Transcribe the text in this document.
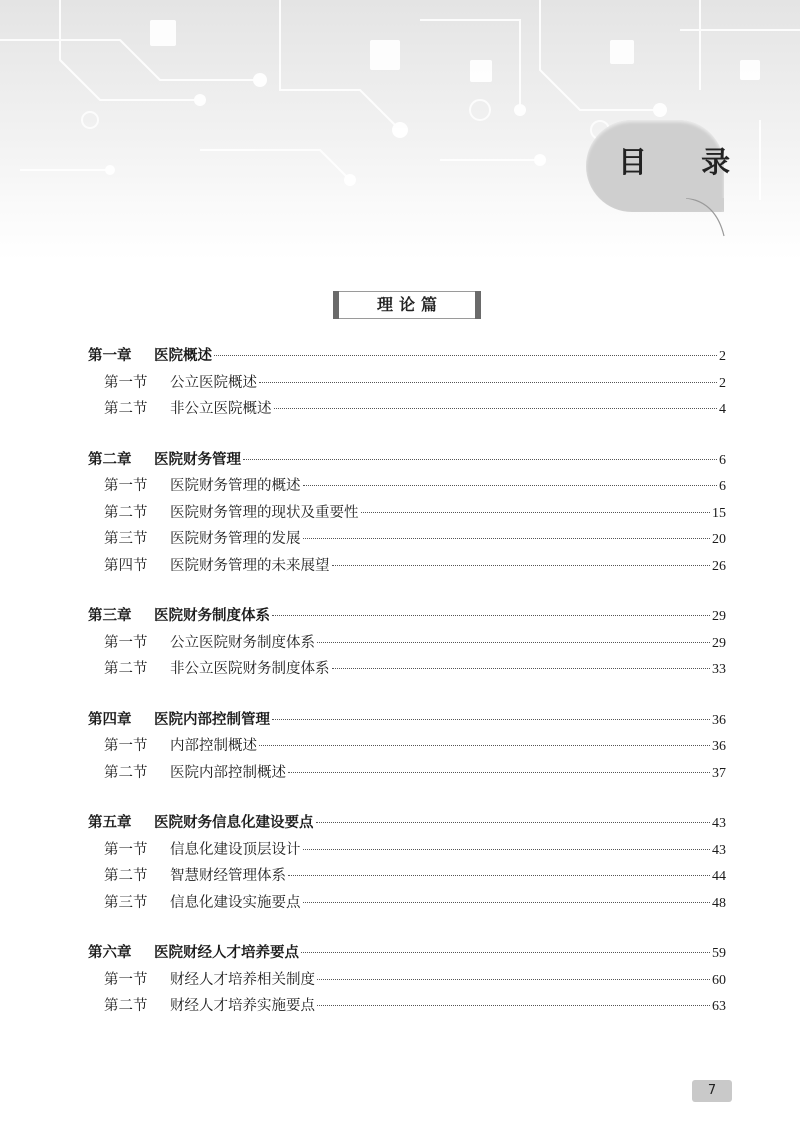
目 录
理论篇
第一章	医院概述	2
第一节	公立医院概述	2
第二节	非公立医院概述	4
第二章	医院财务管理	6
第一节	医院财务管理的概述	6
第二节	医院财务管理的现状及重要性	15
第三节	医院财务管理的发展	20
第四节	医院财务管理的未来展望	26
第三章	医院财务制度体系	29
第一节	公立医院财务制度体系	29
第二节	非公立医院财务制度体系	33
第四章	医院内部控制管理	36
第一节	内部控制概述	36
第二节	医院内部控制概述	37
第五章	医院财务信息化建设要点	43
第一节	信息化建设顶层设计	43
第二节	智慧财经管理体系	44
第三节	信息化建设实施要点	48
第六章	医院财经人才培养要点	59
第一节	财经人才培养相关制度	60
第二节	财经人才培养实施要点	63
7
